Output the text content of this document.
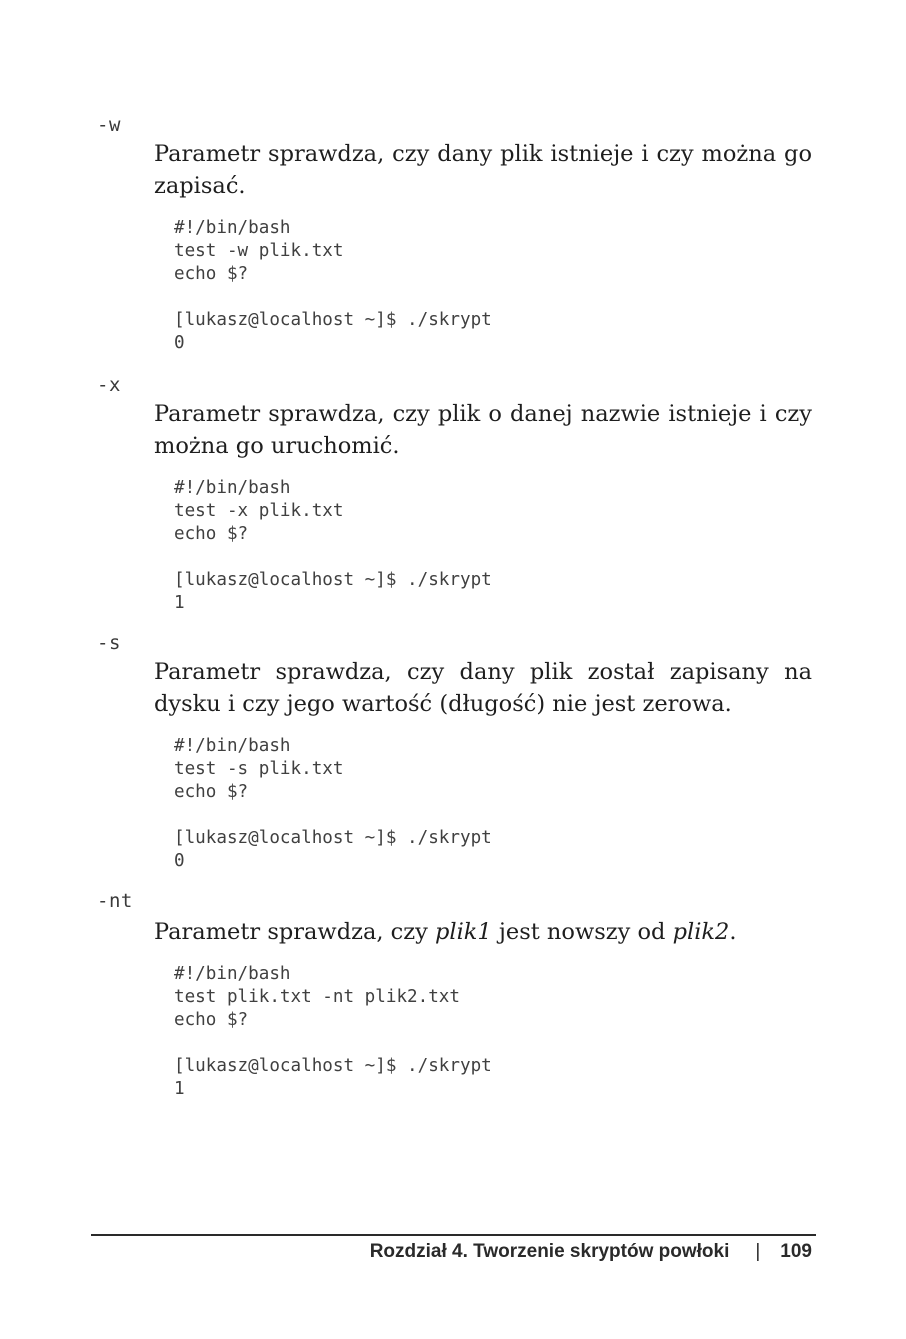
-w
Parametr sprawdza, czy dany plik istnieje i czy można go zapisać.
#!/bin/bash
test -w plik.txt
echo $?

[lukasz@localhost ~]$ ./skrypt
0
-x
Parametr sprawdza, czy plik o danej nazwie istnieje i czy można go uruchomić.
#!/bin/bash
test -x plik.txt
echo $?

[lukasz@localhost ~]$ ./skrypt
1
-s
Parametr sprawdza, czy dany plik został zapisany na dysku i czy jego wartość (długość) nie jest zerowa.
#!/bin/bash
test -s plik.txt
echo $?

[lukasz@localhost ~]$ ./skrypt
0
-nt
Parametr sprawdza, czy plik1 jest nowszy od plik2.
#!/bin/bash
test plik.txt -nt plik2.txt
echo $?

[lukasz@localhost ~]$ ./skrypt
1
Rozdział 4. Tworzenie skryptów powłoki | 109
